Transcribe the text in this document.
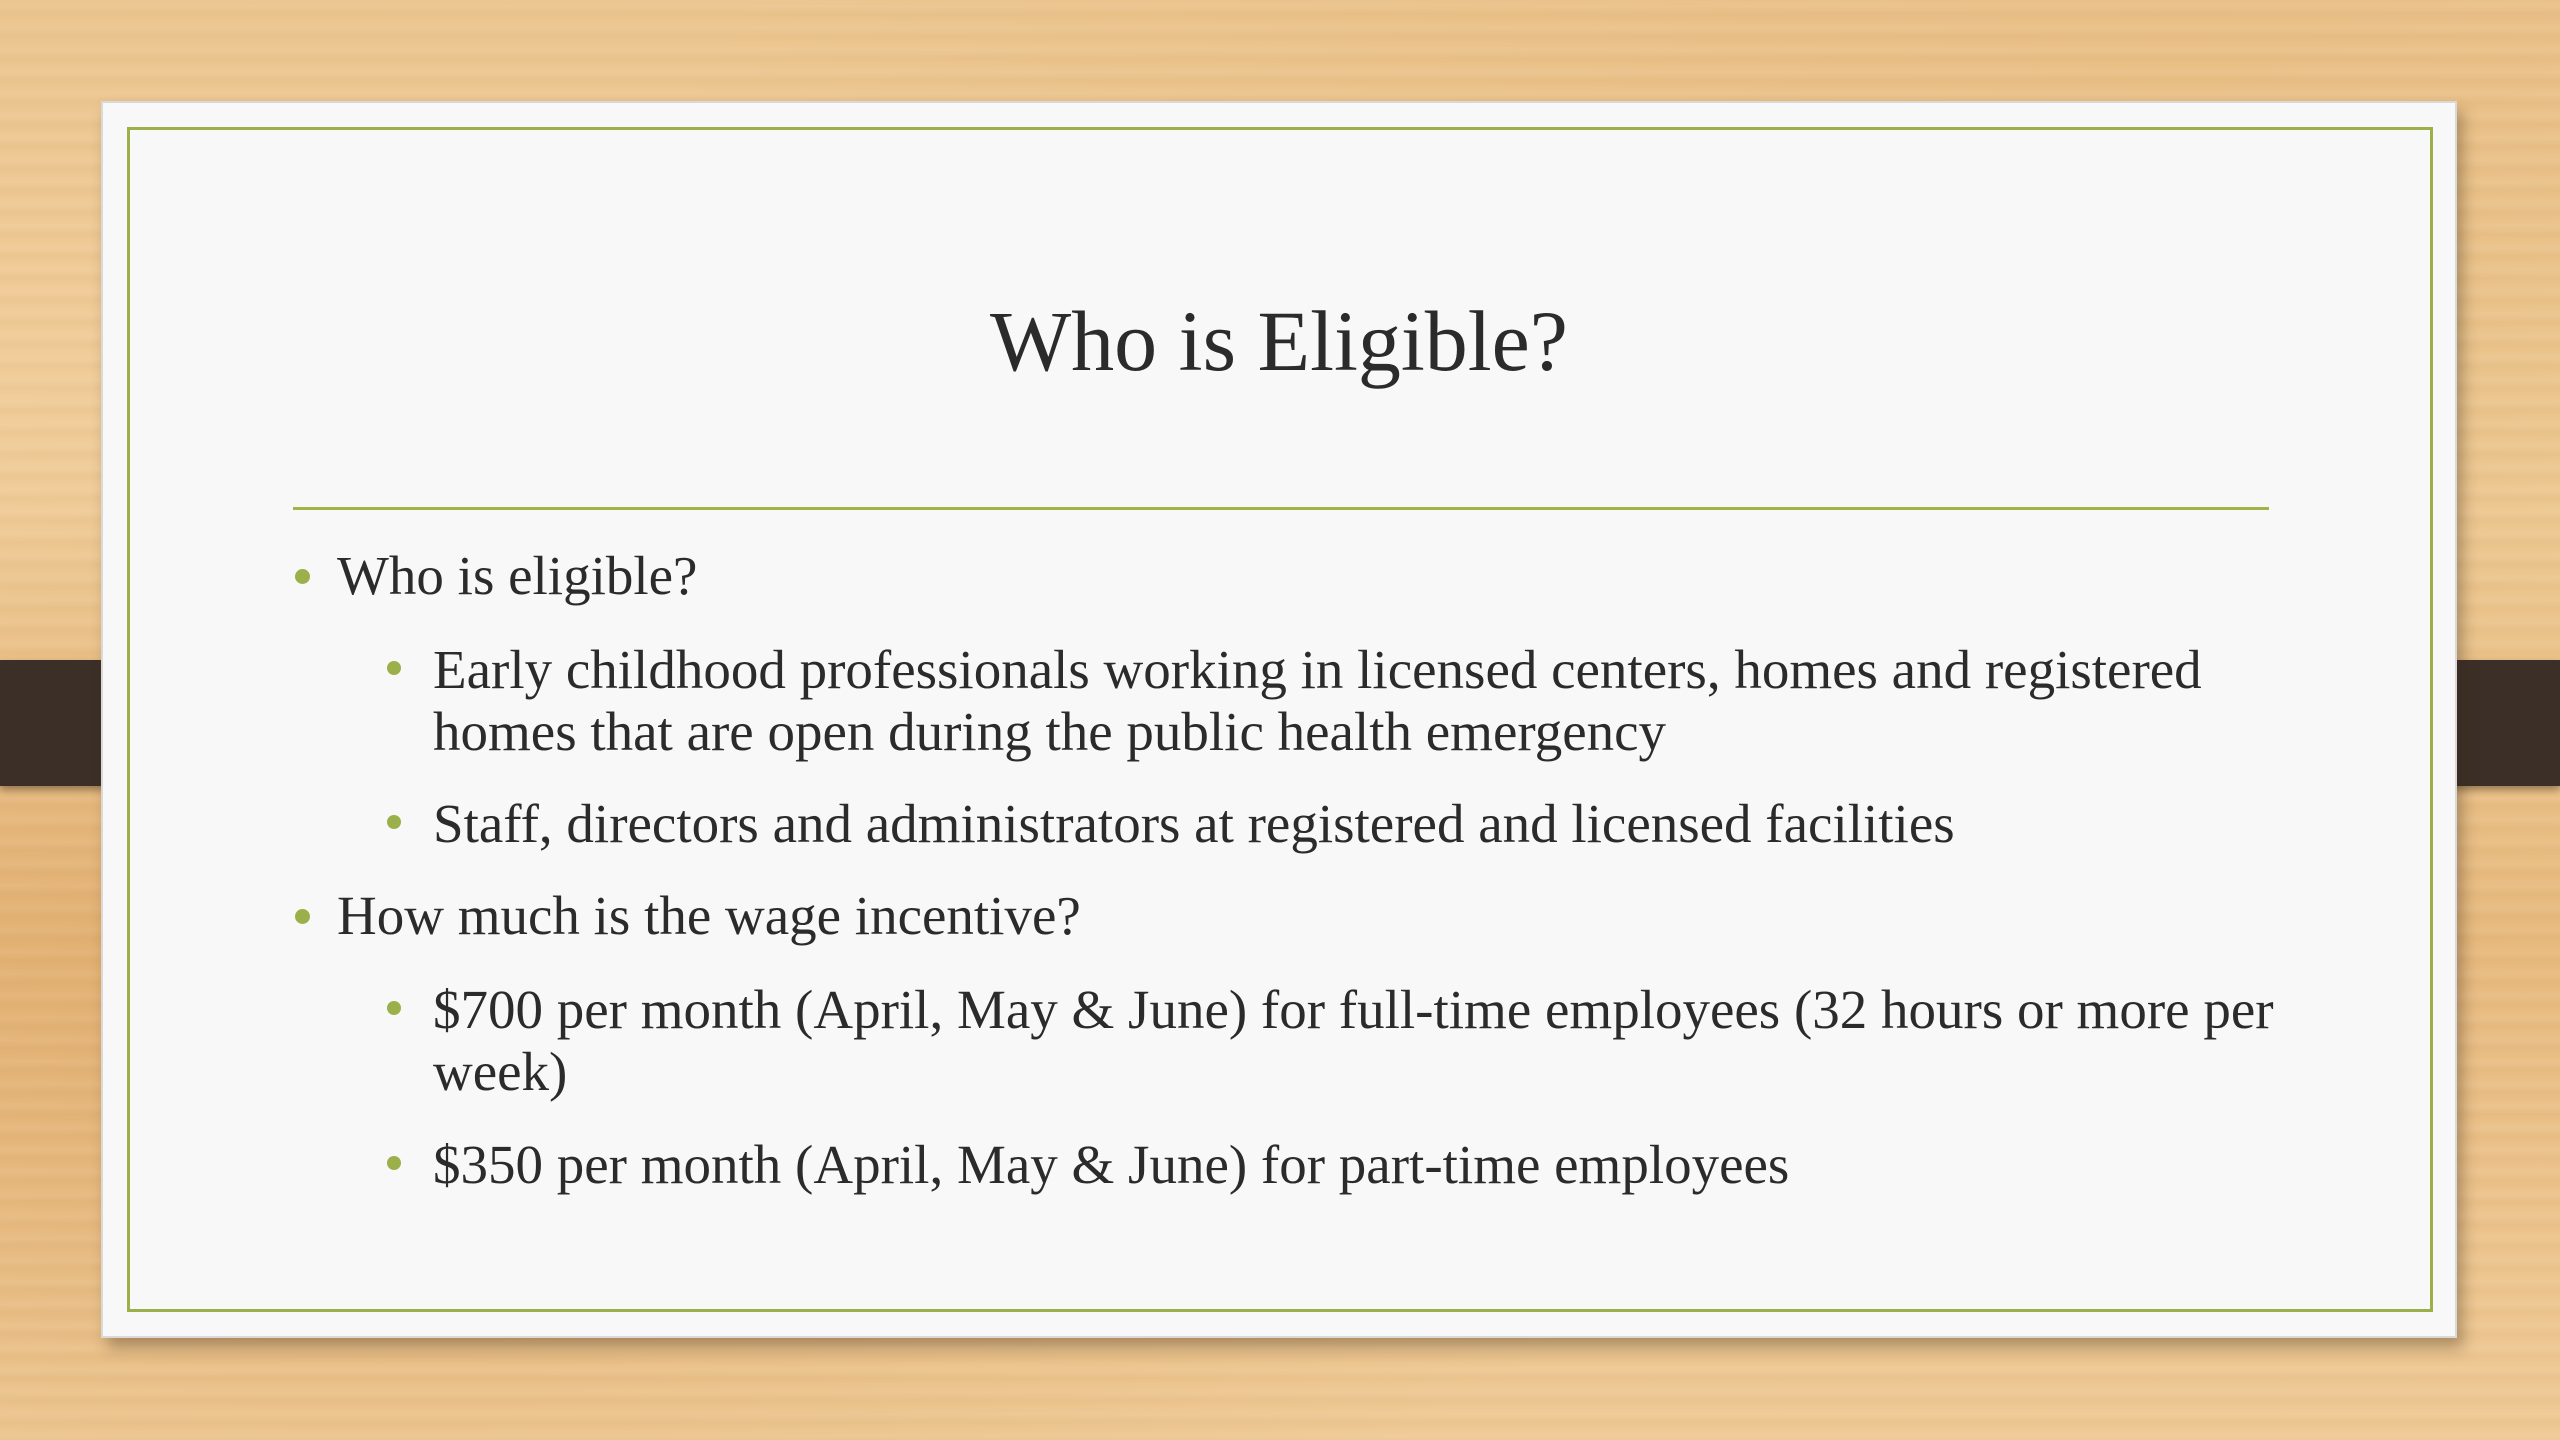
Who is Eligible?
Who is eligible?
Early childhood professionals working in licensed centers, homes and registered homes that are open during the public health emergency
Staff, directors and administrators at registered and licensed facilities
How much is the wage incentive?
$700 per month (April, May & June) for full-time employees (32 hours or more per week)
$350 per month (April, May & June) for part-time employees
